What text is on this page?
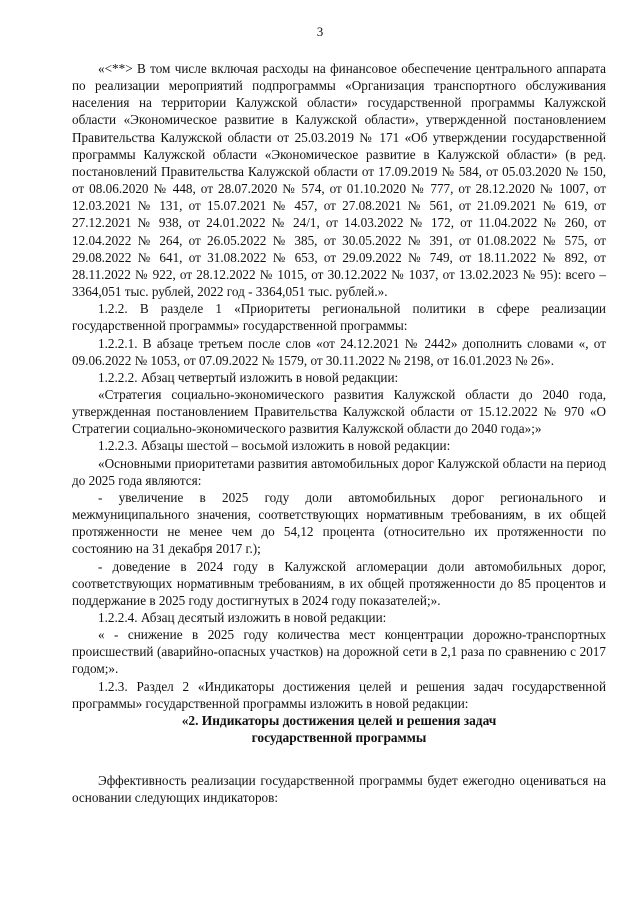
3

«<**> В том числе включая расходы на финансовое обеспечение центрального аппарата по реализации мероприятий подпрограммы «Организация транспортного обслуживания населения на территории Калужской области» государственной программы Калужской области «Экономическое развитие в Калужской области», утвержденной постановлением Правительства Калужской области от 25.03.2019 № 171 «Об утверждении государственной программы Калужской области «Экономическое развитие в Калужской области» (в ред. постановлений Правительства Калужской области от 17.09.2019 № 584, от 05.03.2020 № 150, от 08.06.2020 № 448, от 28.07.2020 № 574, от 01.10.2020 № 777, от 28.12.2020 № 1007, от 12.03.2021 № 131, от 15.07.2021 № 457, от 27.08.2021 № 561, от 21.09.2021 № 619, от 27.12.2021 № 938, от 24.01.2022 № 24/1, от 14.03.2022 № 172, от 11.04.2022 № 260, от 12.04.2022 № 264, от 26.05.2022 № 385, от 30.05.2022 № 391, от 01.08.2022 № 575, от 29.08.2022 № 641, от 31.08.2022 № 653, от 29.09.2022 № 749, от 18.11.2022 № 892, от 28.11.2022 № 922, от 28.12.2022 № 1015, от 30.12.2022 № 1037, от 13.02.2023 № 95): всего – 3364,051 тыс. рублей, 2022 год - 3364,051 тыс. рублей.».

1.2.2. В разделе 1 «Приоритеты региональной политики в сфере реализации государственной программы» государственной программы:

1.2.2.1. В абзаце третьем после слов «от 24.12.2021 № 2442» дополнить словами «, от 09.06.2022 № 1053, от 07.09.2022 № 1579, от 30.11.2022 № 2198, от 16.01.2023 № 26».

1.2.2.2. Абзац четвертый изложить в новой редакции:

«Стратегия социально-экономического развития Калужской области до 2040 года, утвержденная постановлением Правительства Калужской области от 15.12.2022 № 970 «О Стратегии социально-экономического развития Калужской области до 2040 года»;»

1.2.2.3. Абзацы шестой – восьмой изложить в новой редакции:

«Основными приоритетами развития автомобильных дорог Калужской области на период до 2025 года являются:

- увеличение в 2025 году доли автомобильных дорог регионального и межмуниципального значения, соответствующих нормативным требованиям, в их общей протяженности не менее чем до 54,12 процента (относительно их протяженности по состоянию на 31 декабря 2017 г.);

- доведение в 2024 году в Калужской агломерации доли автомобильных дорог, соответствующих нормативным требованиям, в их общей протяженности до 85 процентов и поддержание в 2025 году достигнутых в 2024 году показателей;».

1.2.2.4. Абзац десятый изложить в новой редакции:

« - снижение в 2025 году количества мест концентрации дорожно-транспортных происшествий (аварийно-опасных участков) на дорожной сети в 2,1 раза по сравнению с 2017 годом;».

1.2.3. Раздел 2 «Индикаторы достижения целей и решения задач государственной программы» государственной программы изложить в новой редакции:

«2. Индикаторы достижения целей и решения задач

государственной программы

Эффективность реализации государственной программы будет ежегодно оцениваться на основании следующих индикаторов:
